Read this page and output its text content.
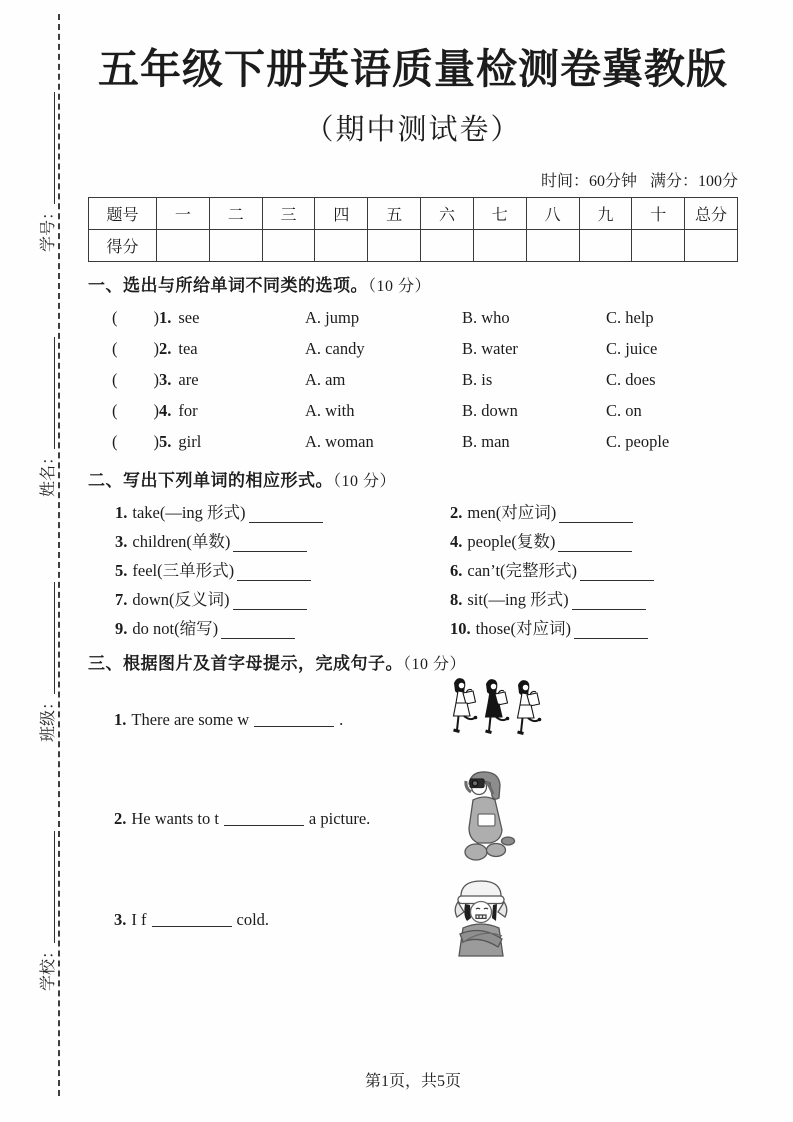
学号：
姓名：
班级：
学校：
五年级下册英语质量检测卷冀教版
（期中测试卷）
时间：60分钟 满分：100分
题号	一	二	三	四	五	六	七	八	九	十	总分
得分											
一、选出与所给单词不同类的选项。（10 分）
( )1. see	A. jump	B. who	C. help
( )2. tea	A. candy	B. water	C. juice
( )3. are	A. am	B. is	C. does
( )4. for	A. with	B. down	C. on
( )5. girl	A. woman	B. man	C. people
二、写出下列单词的相应形式。（10 分）
1. take(—ing 形式)	2. men(对应词)
3. children(单数)	4. people(复数)
5. feel(三单形式)	6. can’t(完整形式)
7. down(反义词)	8. sit(—ing 形式)
9. do not(缩写)	10. those(对应词)
三、根据图片及首字母提示，完成句子。（10 分）
1. There are some w	.
2. He wants to t	a picture.
3. I f	cold.
第1页，共5页
